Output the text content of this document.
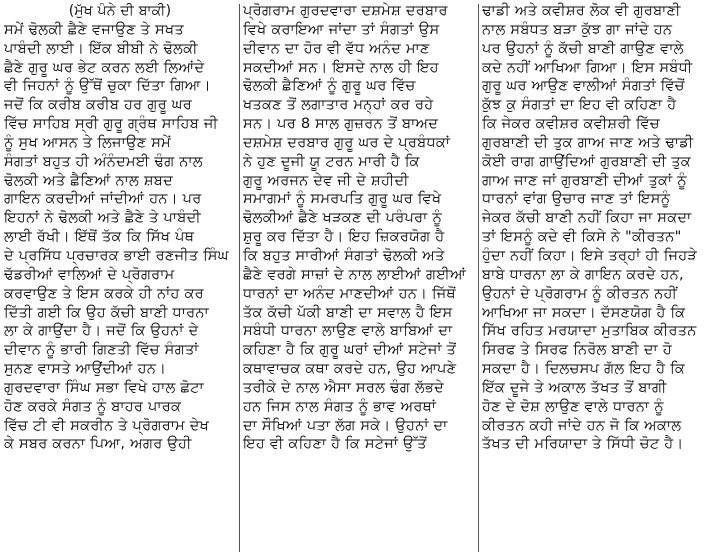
(ਮੁੱਖ ਪੰਨੇ ਦੀ ਬਾਕੀ)
ਸਮੇਂ ਢੋਲਕੀ ਛੈਣੇ ਵਜਾਉਣ ਤੇ ਸਖਤ
ਪਾਬੰਦੀ ਲਾਈ। ਇੱਕ ਬੀਬੀ ਨੇ ਢੋਲਕੀ
ਛੈਣੇ ਗੁਰੂ ਘਰ ਭੇਟ ਕਰਨ ਲਈ ਲਿਆਂਦੇ
ਵੀ ਜਿਹਨਾਂ ਨੂੰ ਉੱਥੋਂ ਚੁਕਾ ਦਿੱਤਾ ਗਿਆ।
ਜਦੋਂ ਕਿ ਕਰੀਬ ਕਰੀਬ ਹਰ ਗੁਰੂ ਘਰ
ਵਿੱਚ ਸਾਹਿਬ ਸ੍ਰੀ ਗੁਰੂ ਗ੍ਰੰਥ ਸਾਹਿਬ ਜੀ
ਨੂੰ ਸੁਖ ਆਸਨ ਤੇ ਲਿਜਾਉਣ ਸਮੇਂ
ਸੰਗਤਾਂ ਬਹੁਤ ਹੀ ਅੰਨੰਦਮਈ ਢੰਗ ਨਾਲ
ਢੋਲਕੀ ਅਤੇ ਛੈਣਿਆਂ ਨਾਲ ਸ਼ਬਦ
ਗਾਇਨ ਕਰਦੀਆਂ ਜਾਂਦੀਆਂ ਹਨ। ਪਰ
ਇਹਨਾਂ ਨੇ ਢੋਲਕੀ ਅਤੇ ਛੈਣੇ ਤੇ ਪਾਬੰਦੀ
ਲਾਈ ਰੱਖੀ। ਇੱਥੋਂ ਤੱਕ ਕਿ ਸਿੱਖ ਪੰਥ
ਦੇ ਪ੍ਰਸਿੱਧ ਪ੍ਰਚਾਰਕ ਭਾਈ ਰਣਜੀਤ ਸਿੰਘ
ਢੱਡਰੀਆਂ ਵਾਲਿਆਂ ਦੇ ਪ੍ਰੋਗਰਾਮ
ਕਰਵਾਉਣ ਤੇ ਇਸ ਕਰਕੇ ਹੀ ਨਾਂਹ ਕਰ
ਦਿੱਤੀ ਗਈ ਕਿ ਉਹ ਕੱਚੀ ਬਾਣੀ ਧਾਰਨਾ
ਲਾ ਕੇ ਗਾਉਂਦਾ ਹੈ। ਜਦੋਂ ਕਿ ਉਹਨਾਂ ਦੇ
ਦੀਵਾਨ ਨੂੰ ਭਾਰੀ ਗਿਣਤੀ ਵਿੱਚ ਸੰਗਤਾਂ
ਸੁਨਣ ਵਾਸਤੇ ਆਉਂਦੀਆਂ ਹਨ।
ਗੁਰਦਵਾਰਾ ਸਿੰਘ ਸਭਾ ਵਿਖੇ ਹਾਲ ਛੋਟਾ
ਹੋਣ ਕਰਕੇ ਸੰਗਤ ਨੂੰ ਬਾਹਰ ਪਾਰਕ
ਵਿੱਚ ਟੀ ਵੀ ਸਕਰੀਨ ਤੇ ਪ੍ਰੋਗਰਾਮ ਦੇਖ
ਕੇ ਸਬਰ ਕਰਨਾ ਪਿਆ, ਅਗਰ ਉਹੀ
ਪ੍ਰੋਗਰਾਮ ਗੁਰਦਵਾਰਾ ਦਸ਼ਮੇਸ਼ ਦਰਬਾਰ
ਵਿਖੇ ਕਰਾਇਆ ਜਾਂਦਾ ਤਾਂ ਸੰਗਤਾਂ ਉਸ
ਦੀਵਾਨ ਦਾ ਹੋਰ ਵੀ ਵੱਧ ਅਨੰਦ ਮਾਣ
ਸਕਦੀਆਂ ਸਨ। ਇਸਦੇ ਨਾਲ ਹੀ ਇਹ
ਢੋਲਕੀ ਛੈਣਿਆਂ ਨੂੰ ਗੁਰੂ ਘਰ ਵਿੱਚ
ਖਤਕਣ ਤੋਂ ਲਗਾਤਾਰ ਮਨ੍ਹਾਂ ਕਰ ਰਹੇ
ਸਨ। ਪਰ 8 ਸਾਲ ਗੁਜ਼ਰਨ ਤੋਂ ਬਾਅਦ
ਦਸ਼ਮੇਸ਼ ਦਰਬਾਰ ਗੁਰੂ ਘਰ ਦੇ ਪ੍ਰਬੰਧਕਾਂ
ਨੇ ਹੁਣ ਦੂਜੀ ਯੂ ਟਰਨ ਮਾਰੀ ਹੈ ਕਿ
ਗੁਰੂ ਅਰਜਨ ਦੇਵ ਜੀ ਦੇ ਸ਼ਹੀਦੀ
ਸਮਾਗਮਾਂ ਨੂੰ ਸਮਰਪਤਿ ਗੁਰੂ ਘਰ ਵਿਖੇ
ਢੋਲਕੀਆਂ ਛੈਣੇ ਖੜਕਣ ਦੀ ਪਰੰਪਰਾ ਨੂੰ
ਸ਼ੁਰੂ ਕਰ ਦਿੱਤਾ ਹੈ। ਇਹ ਜ਼ਿਕਰਯੋਗ ਹੈ
ਕਿ ਬਹੁਤ ਸਾਰੀਆਂ ਸੰਗਤਾਂ ਢੋਲਕੀ ਅਤੇ
ਛੈਣੇ ਵਰਗੇ ਸਾਜ਼ਾਂ ਦੇ ਨਾਲ ਲਾਈਆਂ ਗਈਆਂ
ਧਾਰਨਾਂ ਦਾ ਅਨੰਦ ਮਾਣਦੀਆਂ ਹਨ। ਜਿੱਥੋਂ
ਤੱਕ ਕੱਚੀ ਪੱਕੀ ਬਾਣੀ ਦਾ ਸਵਾਲ ਹੈ ਇਸ
ਸਬੰਧੀ ਧਾਰਨਾ ਲਾਉਣ ਵਾਲੇ ਬਾਬਿਆਂ ਦਾ
ਕਹਿਣਾ ਹੈ ਕਿ ਗੁਰੂ ਘਰਾਂ ਦੀਆਂ ਸਟੇਜਾਂ ਤੋਂ
ਕਥਾਵਾਚਕ ਕਥਾ ਕਰਦੇ ਹਨ, ਉਹ ਆਪਣੇ
ਤਰੀਕੇ ਦੇ ਨਾਲ ਐਸਾ ਸਰਲ ਢੰਗ ਲੱਭਦੇ
ਹਨ ਜਿਸ ਨਾਲ ਸੰਗਤ ਨੂੰ ਭਾਵ ਅਰਥਾਂ
ਦਾ ਸੌਖਿਆਂ ਪਤਾ ਲੱਗ ਸਕੇ। ਉਹਨਾਂ ਦਾ
ਇਹ ਵੀ ਕਹਿਣਾ ਹੈ ਕਿ ਸਟੇਜਾਂ ਉੱਤੋਂ
ਢਾਡੀ ਅਤੇ ਕਵੀਸ਼ਰ ਲੋਕ ਵੀ ਗੁਰਬਾਣੀ
ਨਾਲ ਸਬੰਧਤ ਬੜਾ ਕੁੱਝ ਗਾ ਜਾਂਦੇ ਹਨ
ਪਰ ਉਹਨਾਂ ਨੂੰ ਕੱਚੀ ਬਾਣੀ ਗਾਉਣ ਵਾਲੇ
ਕਦੇ ਨਹੀਂ ਆਖਿਆ ਗਿਆ। ਇਸ ਸਬੰਧੀ
ਗੁਰੂ ਘਰ ਆਉਣ ਵਾਲੀਆਂ ਸੰਗਤਾਂ ਵਿੱਚੋਂ
ਕੁੱਝ ਕੁ ਸੰਗਤਾਂ ਦਾ ਇਹ ਵੀ ਕਹਿਣਾ ਹੈ
ਕਿ ਜੇਕਰ ਕਵੀਸ਼ਰ ਕਵੀਸ਼ਰੀ ਵਿੱਚ
ਗੁਰਬਾਣੀ ਦੀ ਤੁਕ ਗਾਅ ਜਾਣ ਅਤੇ ਢਾਡੀ
ਕੋਈ ਰਾਗ ਗਾਉਂਦਿਆਂ ਗੁਰਬਾਣੀ ਦੀ ਤੁਕ
ਗਾਅ ਜਾਣ ਜਾਂ ਗੁਰਬਾਣੀ ਦੀਆਂ ਤੁਕਾਂ ਨੂੰ
ਧਾਰਨਾਂ ਵਾਂਗ ਉਚਾਰ ਜਾਣ ਤਾਂ ਇਸਨੂੰ
ਜੇਕਰ ਕੱਚੀ ਬਾਣੀ ਨਹੀਂ ਕਿਹਾ ਜਾ ਸਕਦਾ
ਤਾਂ ਇਸਨੂੰ ਕਦੇ ਵੀ ਕਿਸੇ ਨੇ "ਕੀਰਤਨ"
ਹੁੰਦਾ ਨਹੀਂ ਕਿਹਾ। ਇਸੇ ਤਰ੍ਹਾਂ ਹੀ ਜਿਹੜੇ
ਬਾਬੇ ਧਾਰਨਾ ਲਾ ਕੇ ਗਾਇਨ ਕਰਦੇ ਹਨ,
ਉਹਨਾਂ ਦੇ ਪ੍ਰੋਗਰਾਮ ਨੂੰ ਕੀਰਤਨ ਨਹੀਂ
ਆਖਿਆ ਜਾ ਸਕਦਾ। ਦੱਸਣਯੋਗ ਹੈ ਕਿ
ਸਿੱਖ ਰਹਿਤ ਮਰਯਾਦਾ ਮੁਤਾਬਿਕ ਕੀਰਤਨ
ਸਿਰਫ ਤੇ ਸਿਰਫ ਨਿਰੋਲ ਬਾਣੀ ਦਾ ਹੋ
ਸਕਦਾ ਹੈ। ਦਿਲਚਸਪ ਗੱਲ ਇਹ ਹੈ ਕਿ
ਇੱਕ ਦੂਜੇ ਤੇ ਅਕਾਲ ਤੱਖਤ ਤੋਂ ਬਾਗੀ
ਹੋਣ ਦੇ ਦੋਸ਼ ਲਾਉਣ ਵਾਲੇ ਧਾਰਨਾ ਨੂੰ
ਕੀਰਤਨ ਕਹੀ ਜਾਂਦੇ ਹਨ ਜੋ ਕਿ ਅਕਾਲ
ਤੱਖਤ ਦੀ ਮਰਿਯਾਦਾ ਤੇ ਸਿੱਧੀ ਚੋਟ ਹੈ।
